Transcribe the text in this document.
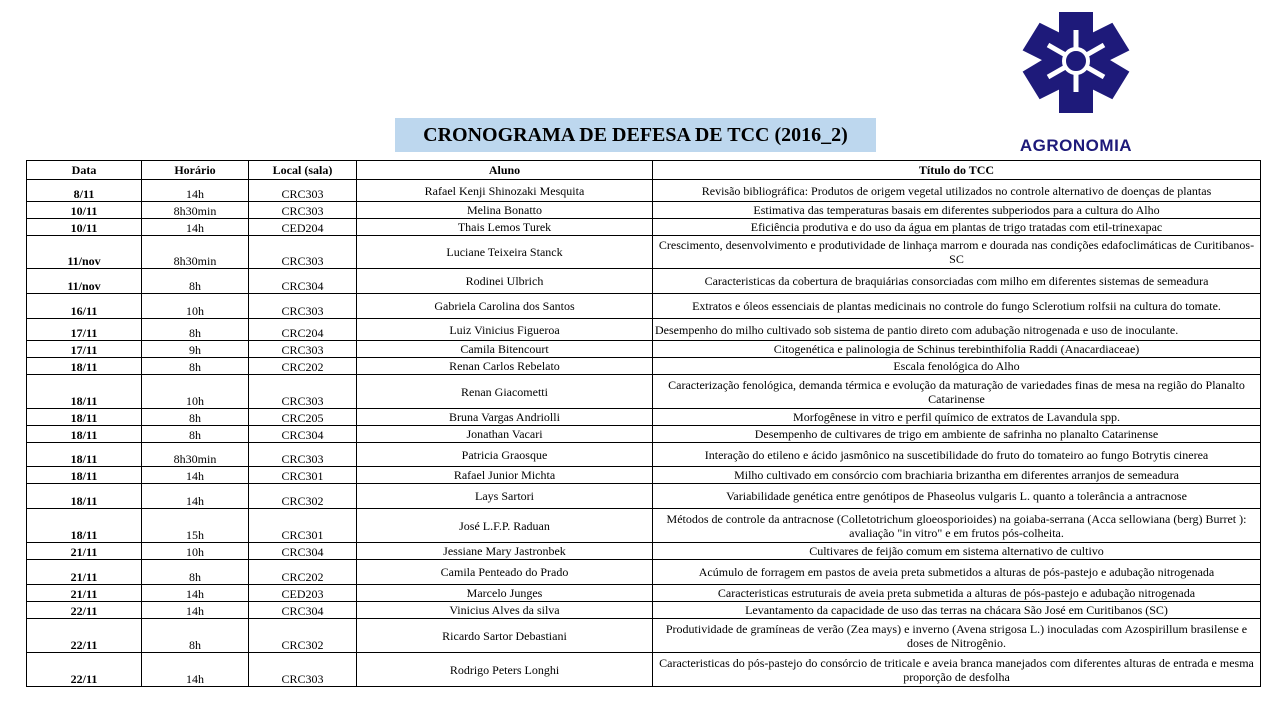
AGRONOMIA
CRONOGRAMA DE DEFESA DE TCC (2016_2)
Data	Horário	Local (sala)	Aluno	Título do TCC
8/11	14h	CRC303	Rafael Kenji Shinozaki Mesquita	Revisão bibliográfica: Produtos de origem vegetal utilizados no controle alternativo de doenças de plantas
10/11	8h30min	CRC303	Melina Bonatto	Estimativa das temperaturas basais em diferentes subperiodos para a cultura do Alho
10/11	14h	CED204	Thais Lemos Turek	Eficiência produtiva e do uso da água em plantas de trigo tratadas com etil-trinexapac
11/nov	8h30min	CRC303	Luciane Teixeira Stanck	Crescimento, desenvolvimento e produtividade de linhaça marrom e dourada nas condições edafoclimáticas de Curitibanos- SC
11/nov	8h	CRC304	Rodinei Ulbrich	Caracteristicas da cobertura de braquiárias consorciadas com milho em diferentes sistemas de semeadura
16/11	10h	CRC303	Gabriela Carolina dos Santos	Extratos e óleos essenciais de plantas medicinais no controle do fungo Sclerotium rolfsii na cultura do tomate.
17/11	8h	CRC204	Luiz Vinicius Figueroa	Desempenho do milho cultivado sob sistema de pantio direto com adubação nitrogenada e uso de inoculante.
17/11	9h	CRC303	Camila Bitencourt	Citogenética e palinologia de Schinus terebinthifolia Raddi (Anacardiaceae)
18/11	8h	CRC202	Renan Carlos Rebelato	Escala fenológica do Alho
18/11	10h	CRC303	Renan Giacometti	Caracterização fenológica, demanda térmica e evolução da maturação de variedades finas de mesa na região do Planalto Catarinense
18/11	8h	CRC205	Bruna Vargas Andriolli	Morfogênese in vitro e perfil químico de extratos de Lavandula spp.
18/11	8h	CRC304	Jonathan Vacari	Desempenho de cultivares de trigo em ambiente de safrinha no planalto Catarinense
18/11	8h30min	CRC303	Patricia Graosque	Interação do etileno e ácido jasmônico na suscetibilidade do fruto do tomateiro ao fungo Botrytis cinerea
18/11	14h	CRC301	Rafael Junior Michta	Milho cultivado em consórcio com brachiaria brizantha em diferentes arranjos de semeadura
18/11	14h	CRC302	Lays Sartori	Variabilidade genética entre genótipos de Phaseolus vulgaris L. quanto a tolerância a antracnose
18/11	15h	CRC301	José L.F.P. Raduan	Métodos de controle da antracnose (Colletotrichum gloeosporioides) na goiaba-serrana (Acca sellowiana (berg) Burret ): avaliação "in vitro" e em frutos pós-colheita.
21/11	10h	CRC304	Jessiane Mary Jastronbek	Cultivares de feijão comum em sistema alternativo de cultivo
21/11	8h	CRC202	Camila Penteado do Prado	Acúmulo de forragem em pastos de aveia preta submetidos a alturas de pós-pastejo e adubação nitrogenada
21/11	14h	CED203	Marcelo Junges	Caracteristicas estruturais de aveia preta submetida a alturas de pós-pastejo e adubação nitrogenada
22/11	14h	CRC304	Vinicius Alves da silva	Levantamento da capacidade de uso das terras na chácara São José em Curitibanos (SC)
22/11	8h	CRC302	Ricardo Sartor Debastiani	Produtividade de gramíneas de verão (Zea mays) e inverno (Avena strigosa L.) inoculadas com Azospirillum brasilense e doses de Nitrogênio.
22/11	14h	CRC303	Rodrigo Peters Longhi	Caracteristicas do pós-pastejo do consórcio de triticale e aveia branca manejados com diferentes alturas de entrada e mesma proporção de desfolha
